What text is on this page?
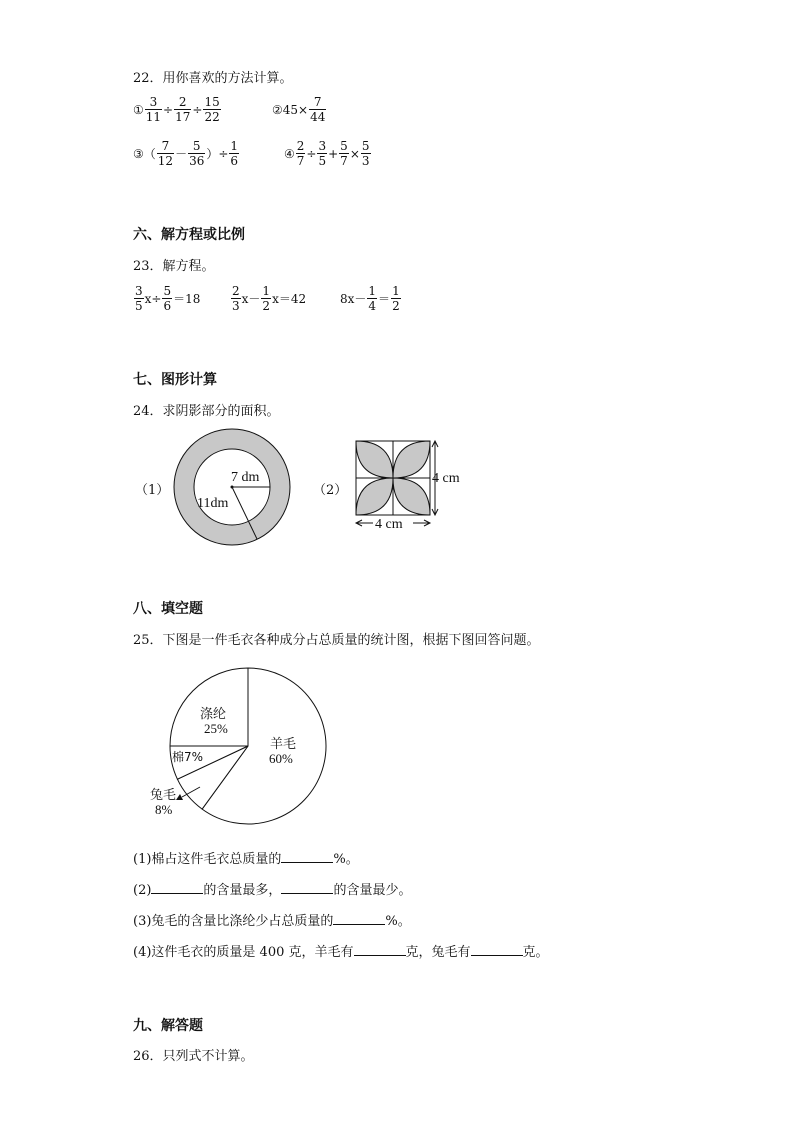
22．用你喜欢的方法计算。
① $\frac{3}{11} \div \frac{2}{17} \div \frac{15}{22}$	② $45\times \frac{7}{44}$
③ （ $\frac{7}{12} - \frac{5}{36}$ ）÷ $\frac{1}{6}$	④ $\frac{2}{7} \div \frac{3}{5} + \frac{5}{7} \times \frac{5}{3}$
六、解方程或比例
23．解方程。
$\frac{3}{5} x\div \frac{5}{6} =18$	$\frac{2}{3} x- \frac{1}{2} x=42$	$8x- \frac{1}{4} = \frac{1}{2}$
七、图形计算
24．求阴影部分的面积。
（1）
7 dm
11dm
（2）
4 cm
4 cm
八、填空题
25．下图是一件毛衣各种成分占总质量的统计图，根据下图回答问题。
涤纶
25%
羊毛
60%
棉7%
兔毛
8%
(1)棉占这件毛衣总质量的	%。
(2)	的含量最多，	的含量最少。
(3)兔毛的含量比涤纶少占总质量的	%。
(4)这件毛衣的质量是 400 克，羊毛有	克，兔毛有	克。
九、解答题
26．只列式不计算。
